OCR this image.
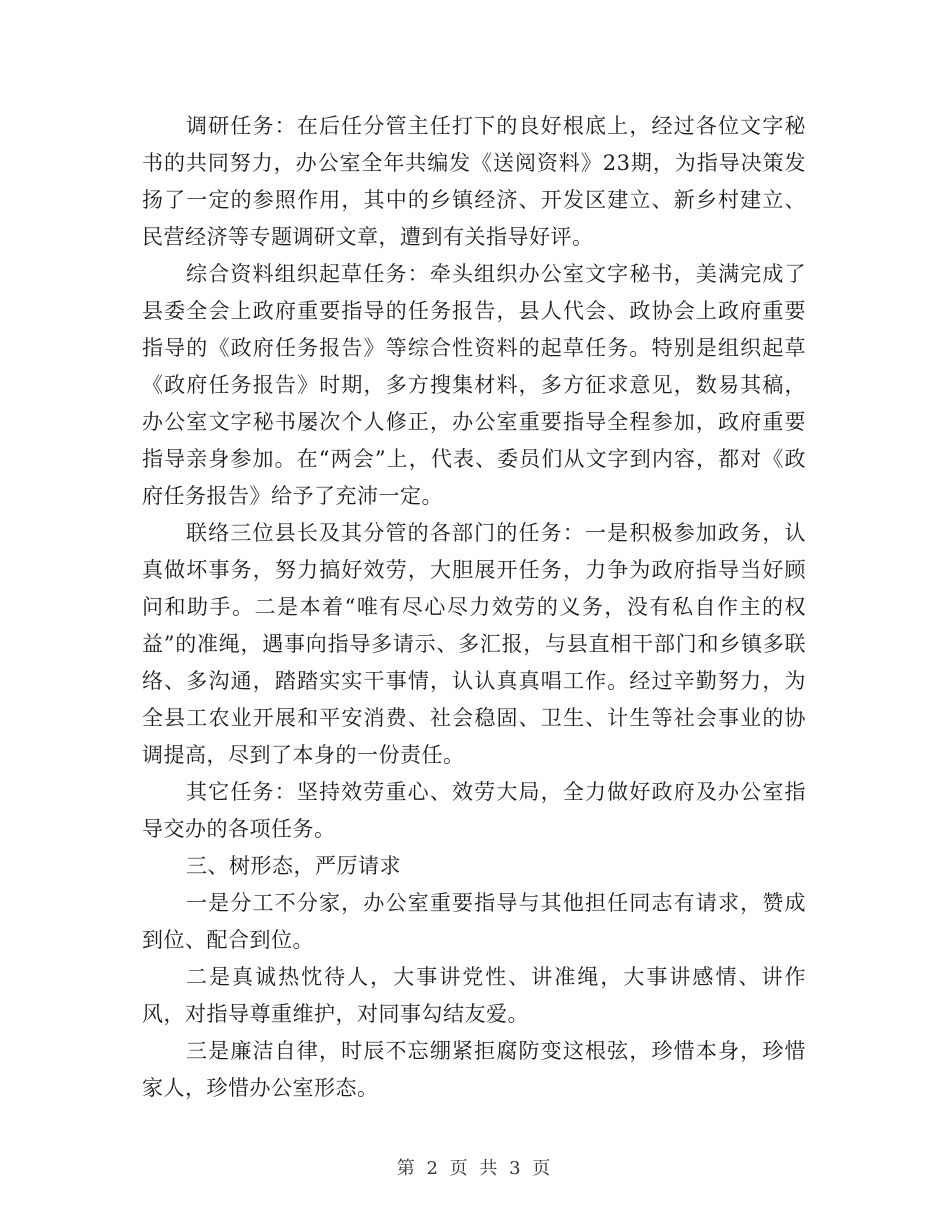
调研任务：在后任分管主任打下的良好根底上，经过各位文字秘书的共同努力，办公室全年共编发《送阅资料》23期，为指导决策发扬了一定的参照作用，其中的乡镇经济、开发区建立、新乡村建立、民营经济等专题调研文章，遭到有关指导好评。

综合资料组织起草任务：牵头组织办公室文字秘书，美满完成了县委全会上政府重要指导的任务报告，县人代会、政协会上政府重要指导的《政府任务报告》等综合性资料的起草任务。特别是组织起草《政府任务报告》时期，多方搜集材料，多方征求意见，数易其稿，办公室文字秘书屡次个人修正，办公室重要指导全程参加，政府重要指导亲身参加。在“两会”上，代表、委员们从文字到内容，都对《政府任务报告》给予了充沛一定。

联络三位县长及其分管的各部门的任务：一是积极参加政务，认真做坏事务，努力搞好效劳，大胆展开任务，力争为政府指导当好顾问和助手。二是本着“唯有尽心尽力效劳的义务，没有私自作主的权益”的准绳，遇事向指导多请示、多汇报，与县直相干部门和乡镇多联络、多沟通，踏踏实实干事情，认认真真唱工作。经过辛勤努力，为全县工农业开展和平安消费、社会稳固、卫生、计生等社会事业的协调提高，尽到了本身的一份责任。

其它任务：坚持效劳重心、效劳大局，全力做好政府及办公室指导交办的各项任务。

三、树形态，严厉请求

一是分工不分家，办公室重要指导与其他担任同志有请求，赞成到位、配合到位。

二是真诚热忱待人，大事讲党性、讲准绳，大事讲感情、讲作风，对指导尊重维护，对同事勾结友爱。

三是廉洁自律，时辰不忘绷紧拒腐防变这根弦，珍惜本身，珍惜家人，珍惜办公室形态。

第 2 页 共 3 页
